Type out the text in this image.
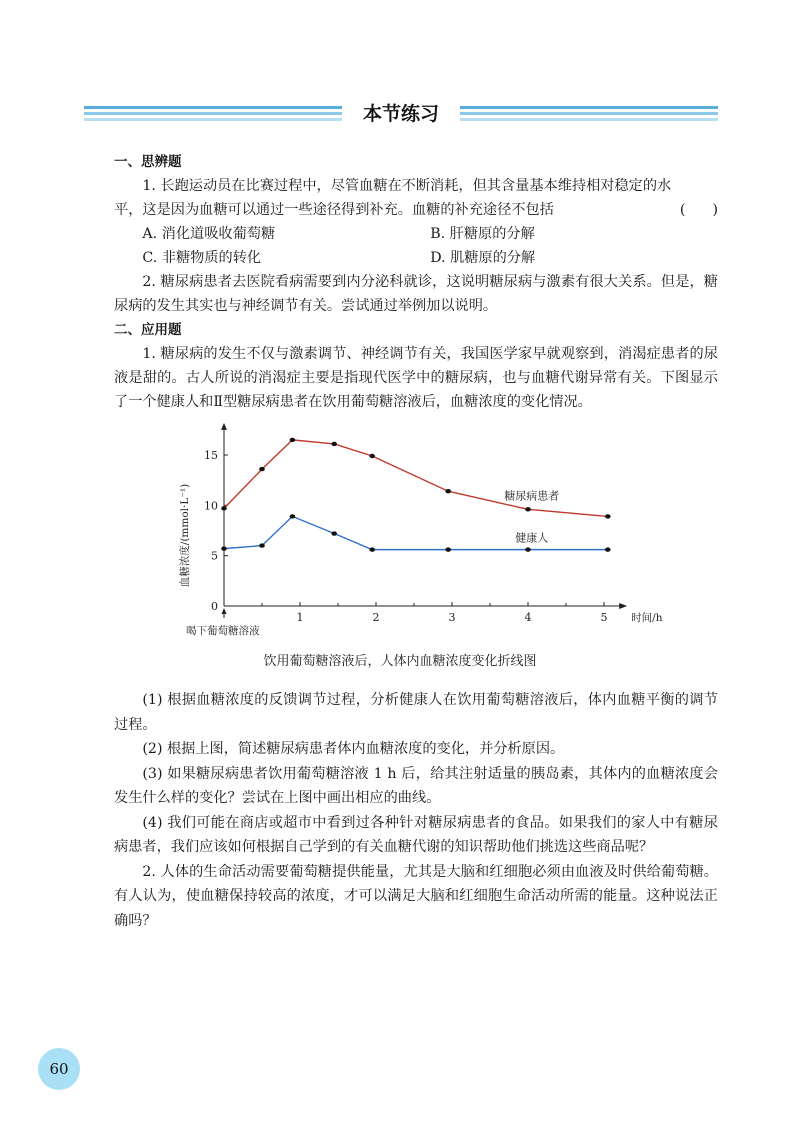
本节练习

一、思辨题

1. 长跑运动员在比赛过程中，尽管血糖在不断消耗，但其含量基本维持相对稳定的水

平，这是因为血糖可以通过一些途径得到补充。血糖的补充途径不包括	(      )

A. 消化道吸收葡萄糖	B. 肝糖原的分解
C. 非糖物质的转化	D. 肌糖原的分解

2. 糖尿病患者去医院看病需要到内分泌科就诊，这说明糖尿病与激素有很大关系。但是，糖尿病的发生其实也与神经调节有关。尝试通过举例加以说明。

二、应用题

1. 糖尿病的发生不仅与激素调节、神经调节有关，我国医学家早就观察到，消渴症患者的尿液是甜的。古人所说的消渴症主要是指现代医学中的糖尿病，也与血糖代谢异常有关。下图显示了一个健康人和Ⅱ型糖尿病患者在饮用葡萄糖溶液后，血糖浓度的变化情况。

0
5
10
15
1	2	3	4	5 时间/h
血糖浓度/(mmol·L⁻¹)
喝下葡萄糖溶液
糖尿病患者
健康人
饮用葡萄糖溶液后，人体内血糖浓度变化折线图

(1) 根据血糖浓度的反馈调节过程，分析健康人在饮用葡萄糖溶液后，体内血糖平衡的调节过程。

(2) 根据上图，简述糖尿病患者体内血糖浓度的变化，并分析原因。

(3) 如果糖尿病患者饮用葡萄糖溶液 1 h 后，给其注射适量的胰岛素，其体内的血糖浓度会发生什么样的变化？尝试在上图中画出相应的曲线。

(4) 我们可能在商店或超市中看到过各种针对糖尿病患者的食品。如果我们的家人中有糖尿病患者，我们应该如何根据自己学到的有关血糖代谢的知识帮助他们挑选这些商品呢？

2. 人体的生命活动需要葡萄糖提供能量，尤其是大脑和红细胞必须由血液及时供给葡萄糖。有人认为，使血糖保持较高的浓度，才可以满足大脑和红细胞生命活动所需的能量。这种说法正确吗？

60
